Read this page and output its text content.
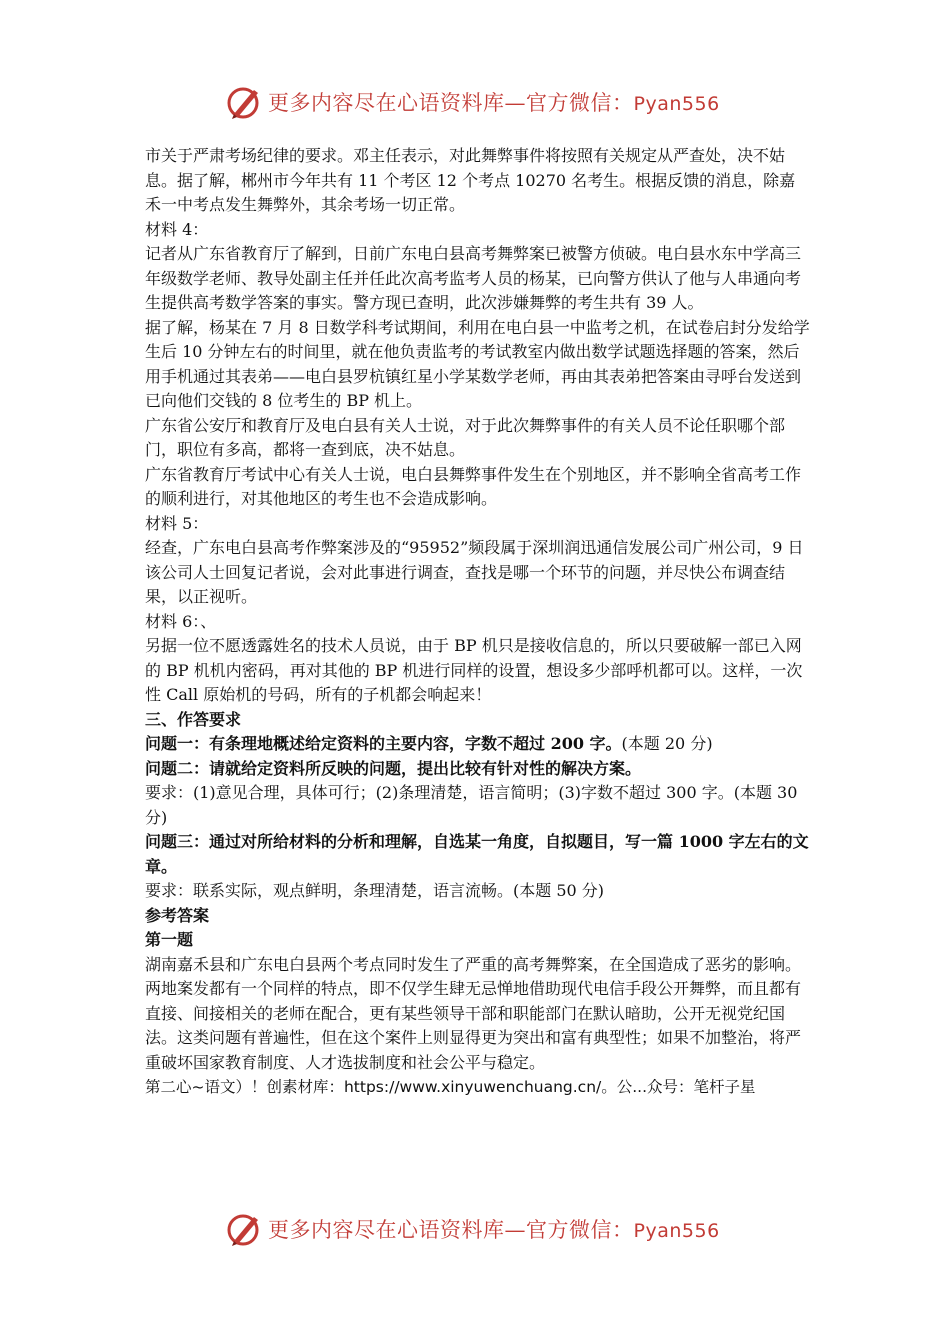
更多内容尽在心语资料库—官方微信：Pyan556

市关于严肃考场纪律的要求。邓主任表示，对此舞弊事件将按照有关规定从严查处，决不姑息。据了解，郴州市今年共有 11 个考区 12 个考点 10270 名考生。根据反馈的消息，除嘉禾一中考点发生舞弊外，其余考场一切正常。

材料 4：

记者从广东省教育厅了解到，日前广东电白县高考舞弊案已被警方侦破。电白县水东中学高三年级数学老师、教导处副主任并任此次高考监考人员的杨某，已向警方供认了他与人串通向考生提供高考数学答案的事实。警方现已查明，此次涉嫌舞弊的考生共有 39 人。

据了解，杨某在 7 月 8 日数学科考试期间，利用在电白县一中监考之机，在试卷启封分发给学生后 10 分钟左右的时间里，就在他负责监考的考试教室内做出数学试题选择题的答案，然后用手机通过其表弟——电白县罗杭镇红星小学某数学老师，再由其表弟把答案由寻呼台发送到已向他们交钱的 8 位考生的 BP 机上。

广东省公安厅和教育厅及电白县有关人士说，对于此次舞弊事件的有关人员不论任职哪个部门，职位有多高，都将一查到底，决不姑息。

广东省教育厅考试中心有关人士说，电白县舞弊事件发生在个别地区，并不影响全省高考工作的顺利进行，对其他地区的考生也不会造成影响。

材料 5：

经查，广东电白县高考作弊案涉及的“95952”频段属于深圳润迅通信发展公司广州公司，9 日该公司人士回复记者说，会对此事进行调查，查找是哪一个环节的问题，并尽快公布调查结果，以正视听。

材料 6：、

另据一位不愿透露姓名的技术人员说，由于 BP 机只是接收信息的，所以只要破解一部已入网的 BP 机机内密码，再对其他的 BP 机进行同样的设置，想设多少部呼机都可以。这样，一次性 Call 原始机的号码，所有的子机都会响起来！

三、作答要求

问题一：有条理地概述给定资料的主要内容，字数不超过 200 字。(本题 20 分)

问题二：请就给定资料所反映的问题，提出比较有针对性的解决方案。

要求：(1)意见合理，具体可行；(2)条理清楚，语言简明；(3)字数不超过 300 字。(本题 30 分)

问题三：通过对所给材料的分析和理解，自选某一角度，自拟题目，写一篇 1000 字左右的文章。

要求：联系实际，观点鲜明，条理清楚，语言流畅。(本题 50 分)

参考答案

第一题

湖南嘉禾县和广东电白县两个考点同时发生了严重的高考舞弊案，在全国造成了恶劣的影响。两地案发都有一个同样的特点，即不仅学生肆无忌惮地借助现代电信手段公开舞弊，而且都有直接、间接相关的老师在配合，更有某些领导干部和职能部门在默认暗助，公开无视党纪国法。这类问题有普遍性，但在这个案件上则显得更为突出和富有典型性；如果不加整治，将严重破坏国家教育制度、人才选拔制度和社会公平与稳定。

第二心~语文）！创素材库：https://www.xinyuwenchuang.cn/。公...众号：笔杆子星

更多内容尽在心语资料库—官方微信：Pyan556
